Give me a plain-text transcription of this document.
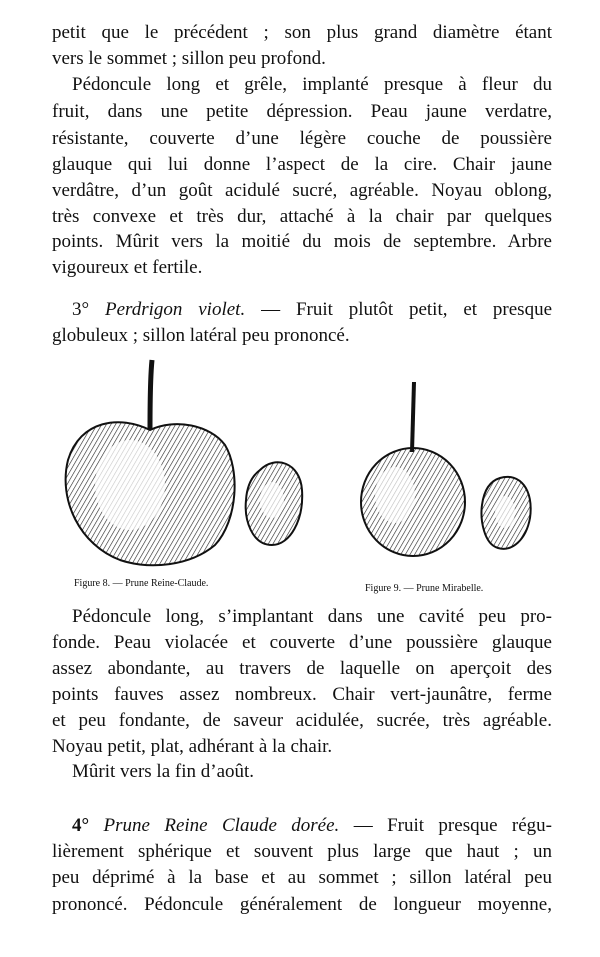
petit que le précédent ; son plus grand diamètre étant
vers le sommet ; sillon peu profond.
Pédoncule long et grêle, implanté presque à fleur du
fruit, dans une petite dépression. Peau jaune verdatre,
résistante, couverte d’une légère couche de poussière
glauque qui lui donne l’aspect de la cire. Chair jaune
verdâtre, d’un goût acidulé sucré, agréable. Noyau oblong,
très convexe et très dur, attaché à la chair par quelques
points. Mûrit vers la moitié du mois de septembre. Arbre
vigoureux et fertile.
3° Perdrigon violet. — Fruit plutôt petit, et presque
globuleux ; sillon latéral peu prononcé.
Figure 8. — Prune Reine-Claude.	Figure 9. — Prune Mirabelle.
Pédoncule long, s’implantant dans une cavité peu pro-
fonde. Peau violacée et couverte d’une poussière glauque
assez abondante, au travers de laquelle on aperçoit des
points fauves assez nombreux. Chair vert-jaunâtre, ferme
et peu fondante, de saveur acidulée, sucrée, très agréable.
Noyau petit, plat, adhérant à la chair.
Mûrit vers la fin d’août.
4° Prune Reine Claude dorée. — Fruit presque régu-
lièrement sphérique et souvent plus large que haut ; un
peu déprimé à la base et au sommet ; sillon latéral peu
prononcé. Pédoncule généralement de longueur moyenne,
